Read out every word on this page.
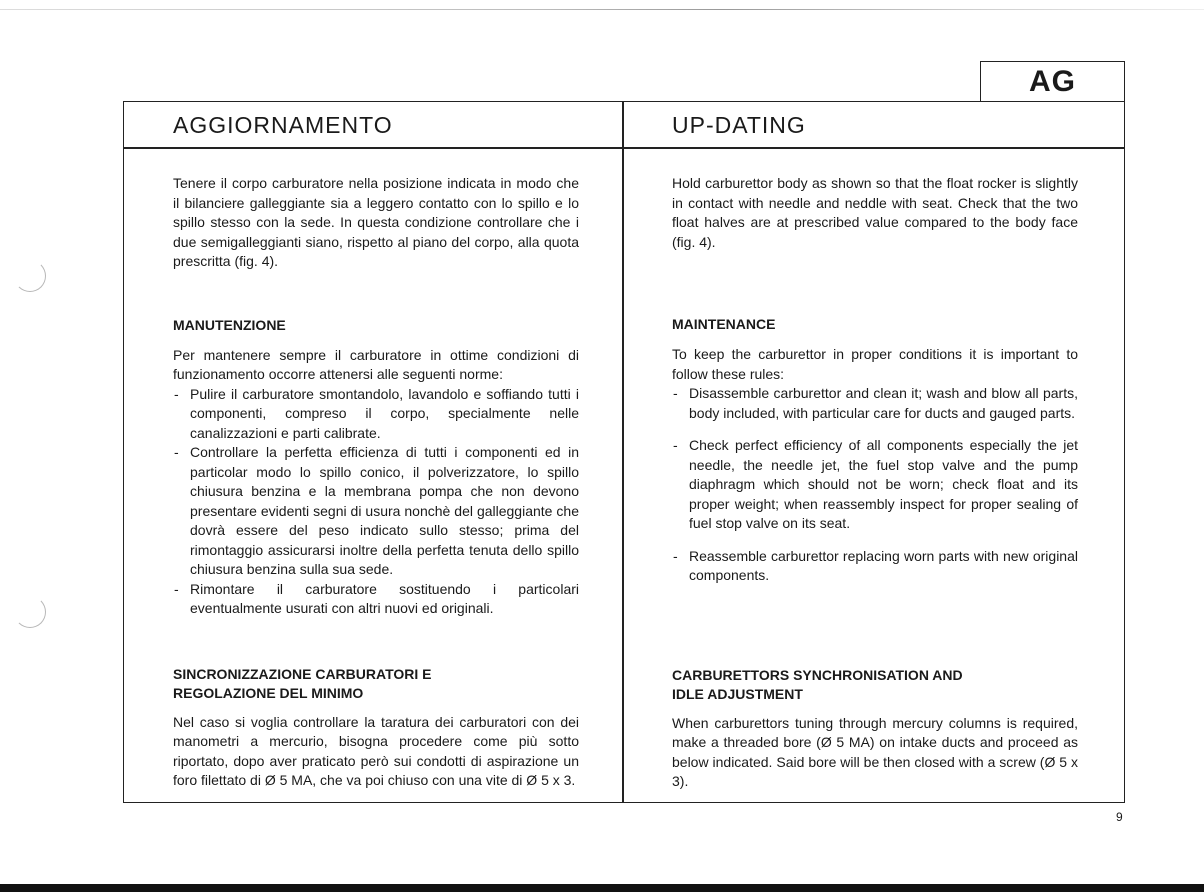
AG
AGGIORNAMENTO	UP-DATING

Tenere il corpo carburatore nella posizione indicata in modo che il bilanciere galleggiante sia a leggero contatto con lo spillo e lo spillo stesso con la sede. In questa condizione controllare che i due semigalleggianti siano, rispetto al piano del corpo, alla quota prescritta (fig. 4).

MANUTENZIONE

Per mantenere sempre il carburatore in ottime condizioni di funzionamento occorre attenersi alle seguenti norme:

- Pulire il carburatore smontandolo, lavandolo e soffiando tutti i componenti, compreso il corpo, specialmente nelle canalizzazioni e parti calibrate.
- Controllare la perfetta efficienza di tutti i componenti ed in particolar modo lo spillo conico, il polverizzatore, lo spillo chiusura benzina e la membrana pompa che non devono presentare evidenti segni di usura nonchè del galleggiante che dovrà essere del peso indicato sullo stesso; prima del rimontaggio assicurarsi inoltre della perfetta tenuta dello spillo chiusura benzina sulla sua sede.
- Rimontare il carburatore sostituendo i particolari eventualmente usurati con altri nuovi ed originali.

SINCRONIZZAZIONE CARBURATORI E

REGOLAZIONE DEL MINIMO

Nel caso si voglia controllare la taratura dei carburatori con dei manometri a mercurio, bisogna procedere come più sotto riportato, dopo aver praticato però sui condotti di aspirazione un foro filettato di Ø 5 MA, che va poi chiuso con una vite di Ø 5 x 3.

Hold carburettor body as shown so that the float rocker is slightly in contact with needle and neddle with seat. Check that the two float halves are at prescribed value compared to the body face (fig. 4).

MAINTENANCE

To keep the carburettor in proper conditions it is important to follow these rules:

- Disassemble carburettor and clean it; wash and blow all parts, body included, with particular care for ducts and gauged parts.
- Check perfect efficiency of all components especially the jet needle, the needle jet, the fuel stop valve and the pump diaphragm which should not be worn; check float and its proper weight; when reassembly inspect for proper sealing of fuel stop valve on its seat.
- Reassemble carburettor replacing worn parts with new original components.

CARBURETTORS SYNCHRONISATION AND

IDLE ADJUSTMENT

When carburettors tuning through mercury columns is required, make a threaded bore (Ø 5 MA) on intake ducts and proceed as below indicated. Said bore will be then closed with a screw (Ø 5 x 3).

9
